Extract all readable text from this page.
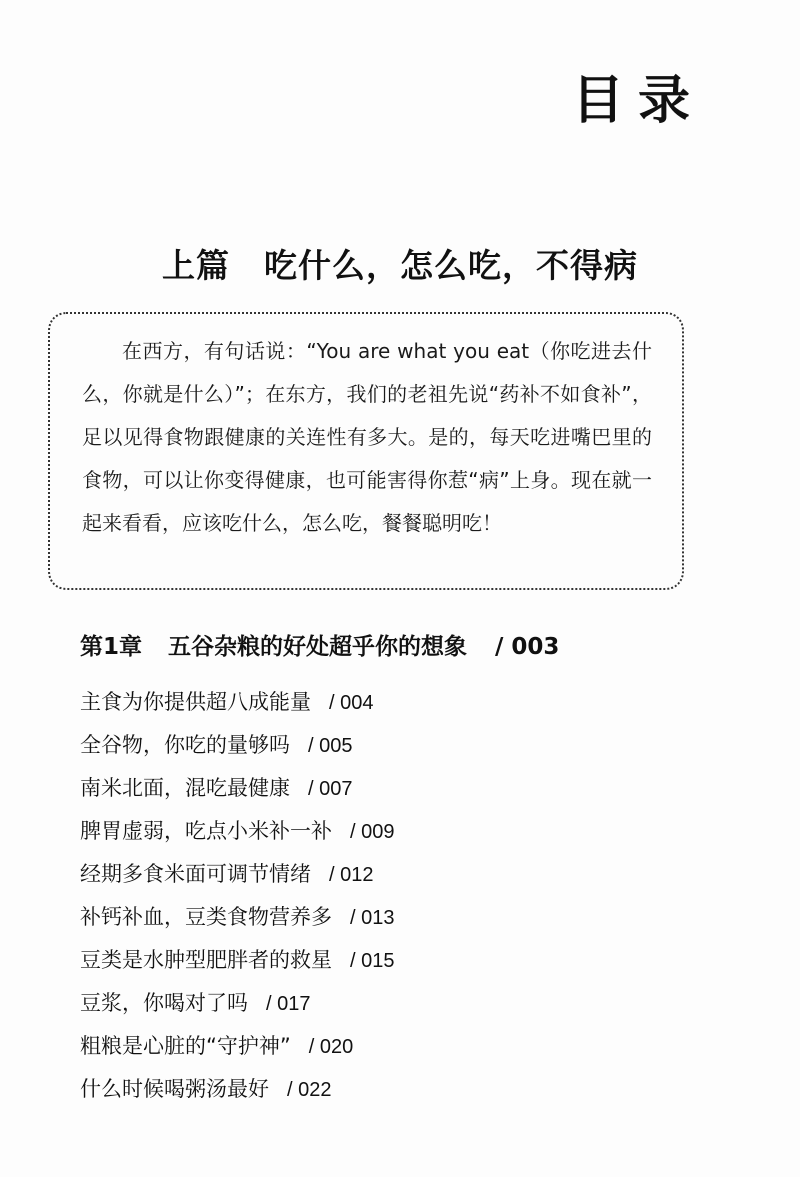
目录
上篇　吃什么，怎么吃，不得病

在西方，有句话说：“You are what you eat（你吃进去什么，你就是什么）”；在东方，我们的老祖先说“药补不如食补”，足以见得食物跟健康的关连性有多大。是的，每天吃进嘴巴里的食物，可以让你变得健康，也可能害得你惹“病”上身。现在就一起来看看，应该吃什么，怎么吃，餐餐聪明吃！

第1章 五谷杂粮的好处超乎你的想象 / 003
主食为你提供超八成能量 / 004
全谷物，你吃的量够吗 / 005
南米北面，混吃最健康 / 007
脾胃虚弱，吃点小米补一补 / 009
经期多食米面可调节情绪 / 012
补钙补血，豆类食物营养多 / 013
豆类是水肿型肥胖者的救星 / 015
豆浆，你喝对了吗 / 017
粗粮是心脏的“守护神” / 020
什么时候喝粥汤最好 / 022
